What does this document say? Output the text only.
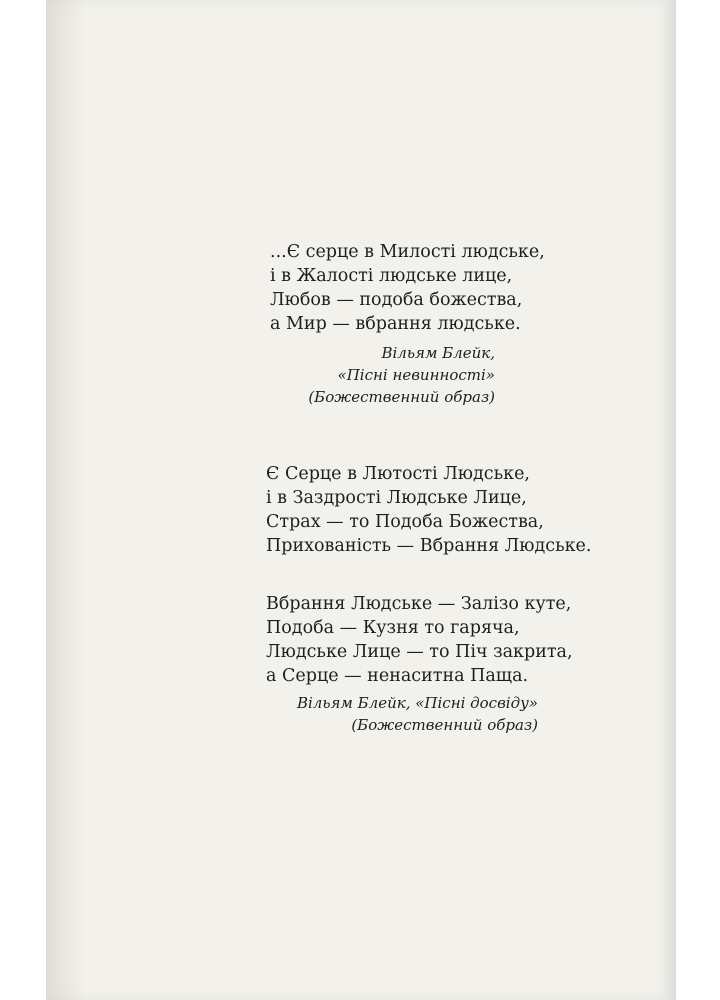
...Є серце в Милості людське,
і в Жалості людське лице,
Любов — подоба божества,
а Мир — вбрання людське.
Вільям Блейк,
«Пісні невинності»
(Божественний образ)
Є Серце в Лютості Людське,
і в Заздрості Людське Лице,
Страх — то Подоба Божества,
Прихованість — Вбрання Людське.
Вбрання Людське — Залізо куте,
Подоба — Кузня то гаряча,
Людське Лице — то Піч закрита,
а Серце — ненаситна Паща.
Вільям Блейк, «Пісні досвіду»
(Божественний образ)
